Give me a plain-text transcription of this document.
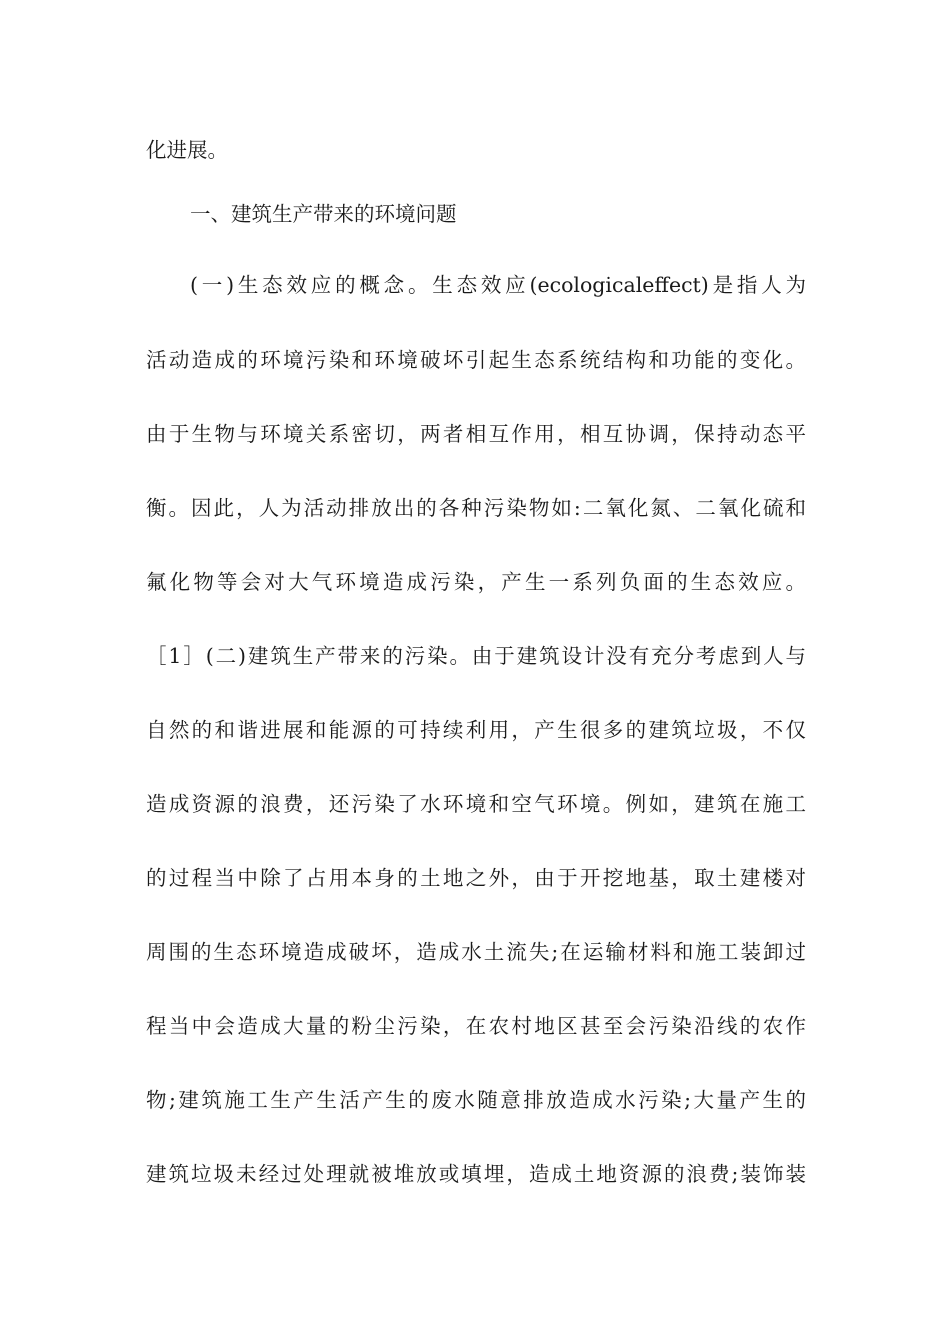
化进展。
一、建筑生产带来的环境问题
(一)生态效应的概念。生态效应(ecologicaleffect)是指人为
活动造成的环境污染和环境破坏引起生态系统结构和功能的变化。
由于生物与环境关系密切，两者相互作用，相互协调，保持动态平
衡。因此，人为活动排放出的各种污染物如:二氧化氮、二氧化硫和
氟化物等会对大气环境造成污染，产生一系列负面的生态效应。
［1］(二)建筑生产带来的污染。由于建筑设计没有充分考虑到人与
自然的和谐进展和能源的可持续利用，产生很多的建筑垃圾，不仅
造成资源的浪费，还污染了水环境和空气环境。例如，建筑在施工
的过程当中除了占用本身的土地之外，由于开挖地基，取土建楼对
周围的生态环境造成破坏，造成水土流失;在运输材料和施工装卸过
程当中会造成大量的粉尘污染，在农村地区甚至会污染沿线的农作
物;建筑施工生产生活产生的废水随意排放造成水污染;大量产生的
建筑垃圾未经过处理就被堆放或填埋，造成土地资源的浪费;装饰装
